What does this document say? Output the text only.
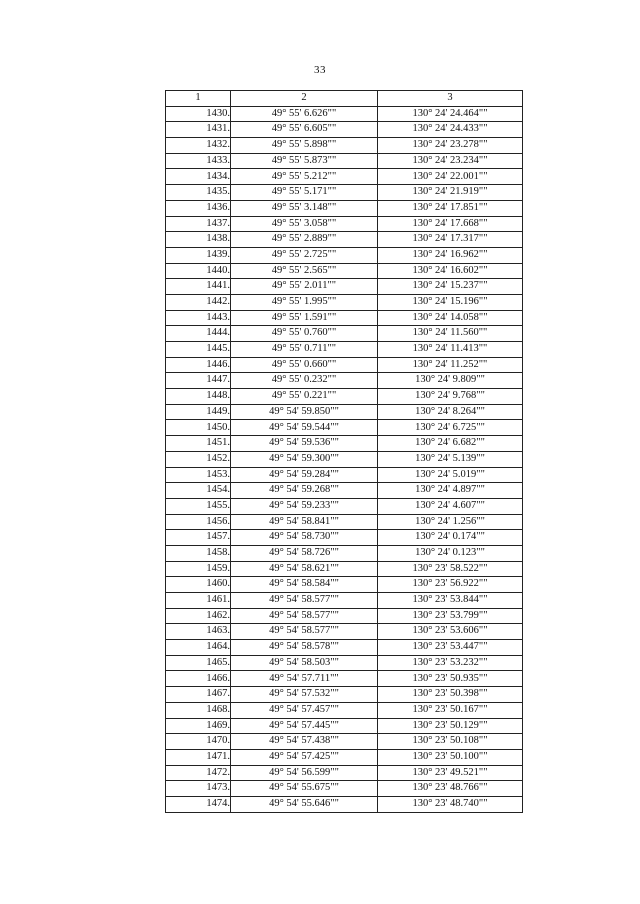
33
1	2	3
1430.	49° 55' 6.626""	130° 24' 24.464""
1431.	49° 55' 6.605""	130° 24' 24.433""
1432.	49° 55' 5.898""	130° 24' 23.278""
1433.	49° 55' 5.873""	130° 24' 23.234""
1434.	49° 55' 5.212""	130° 24' 22.001""
1435.	49° 55' 5.171""	130° 24' 21.919""
1436.	49° 55' 3.148""	130° 24' 17.851""
1437.	49° 55' 3.058""	130° 24' 17.668""
1438.	49° 55' 2.889""	130° 24' 17.317""
1439.	49° 55' 2.725""	130° 24' 16.962""
1440.	49° 55' 2.565""	130° 24' 16.602""
1441.	49° 55' 2.011""	130° 24' 15.237""
1442.	49° 55' 1.995""	130° 24' 15.196""
1443.	49° 55' 1.591""	130° 24' 14.058""
1444.	49° 55' 0.760""	130° 24' 11.560""
1445.	49° 55' 0.711""	130° 24' 11.413""
1446.	49° 55' 0.660""	130° 24' 11.252""
1447.	49° 55' 0.232""	130° 24' 9.809""
1448.	49° 55' 0.221""	130° 24' 9.768""
1449.	49° 54' 59.850""	130° 24' 8.264""
1450.	49° 54' 59.544""	130° 24' 6.725""
1451.	49° 54' 59.536""	130° 24' 6.682""
1452.	49° 54' 59.300""	130° 24' 5.139""
1453.	49° 54' 59.284""	130° 24' 5.019""
1454.	49° 54' 59.268""	130° 24' 4.897""
1455.	49° 54' 59.233""	130° 24' 4.607""
1456.	49° 54' 58.841""	130° 24' 1.256""
1457.	49° 54' 58.730""	130° 24' 0.174""
1458.	49° 54' 58.726""	130° 24' 0.123""
1459.	49° 54' 58.621""	130° 23' 58.522""
1460.	49° 54' 58.584""	130° 23' 56.922""
1461.	49° 54' 58.577""	130° 23' 53.844""
1462.	49° 54' 58.577""	130° 23' 53.799""
1463.	49° 54' 58.577""	130° 23' 53.606""
1464.	49° 54' 58.578""	130° 23' 53.447""
1465.	49° 54' 58.503""	130° 23' 53.232""
1466.	49° 54' 57.711""	130° 23' 50.935""
1467.	49° 54' 57.532""	130° 23' 50.398""
1468.	49° 54' 57.457""	130° 23' 50.167""
1469.	49° 54' 57.445""	130° 23' 50.129""
1470.	49° 54' 57.438""	130° 23' 50.108""
1471.	49° 54' 57.425""	130° 23' 50.100""
1472.	49° 54' 56.599""	130° 23' 49.521""
1473.	49° 54' 55.675""	130° 23' 48.766""
1474.	49° 54' 55.646""	130° 23' 48.740""
